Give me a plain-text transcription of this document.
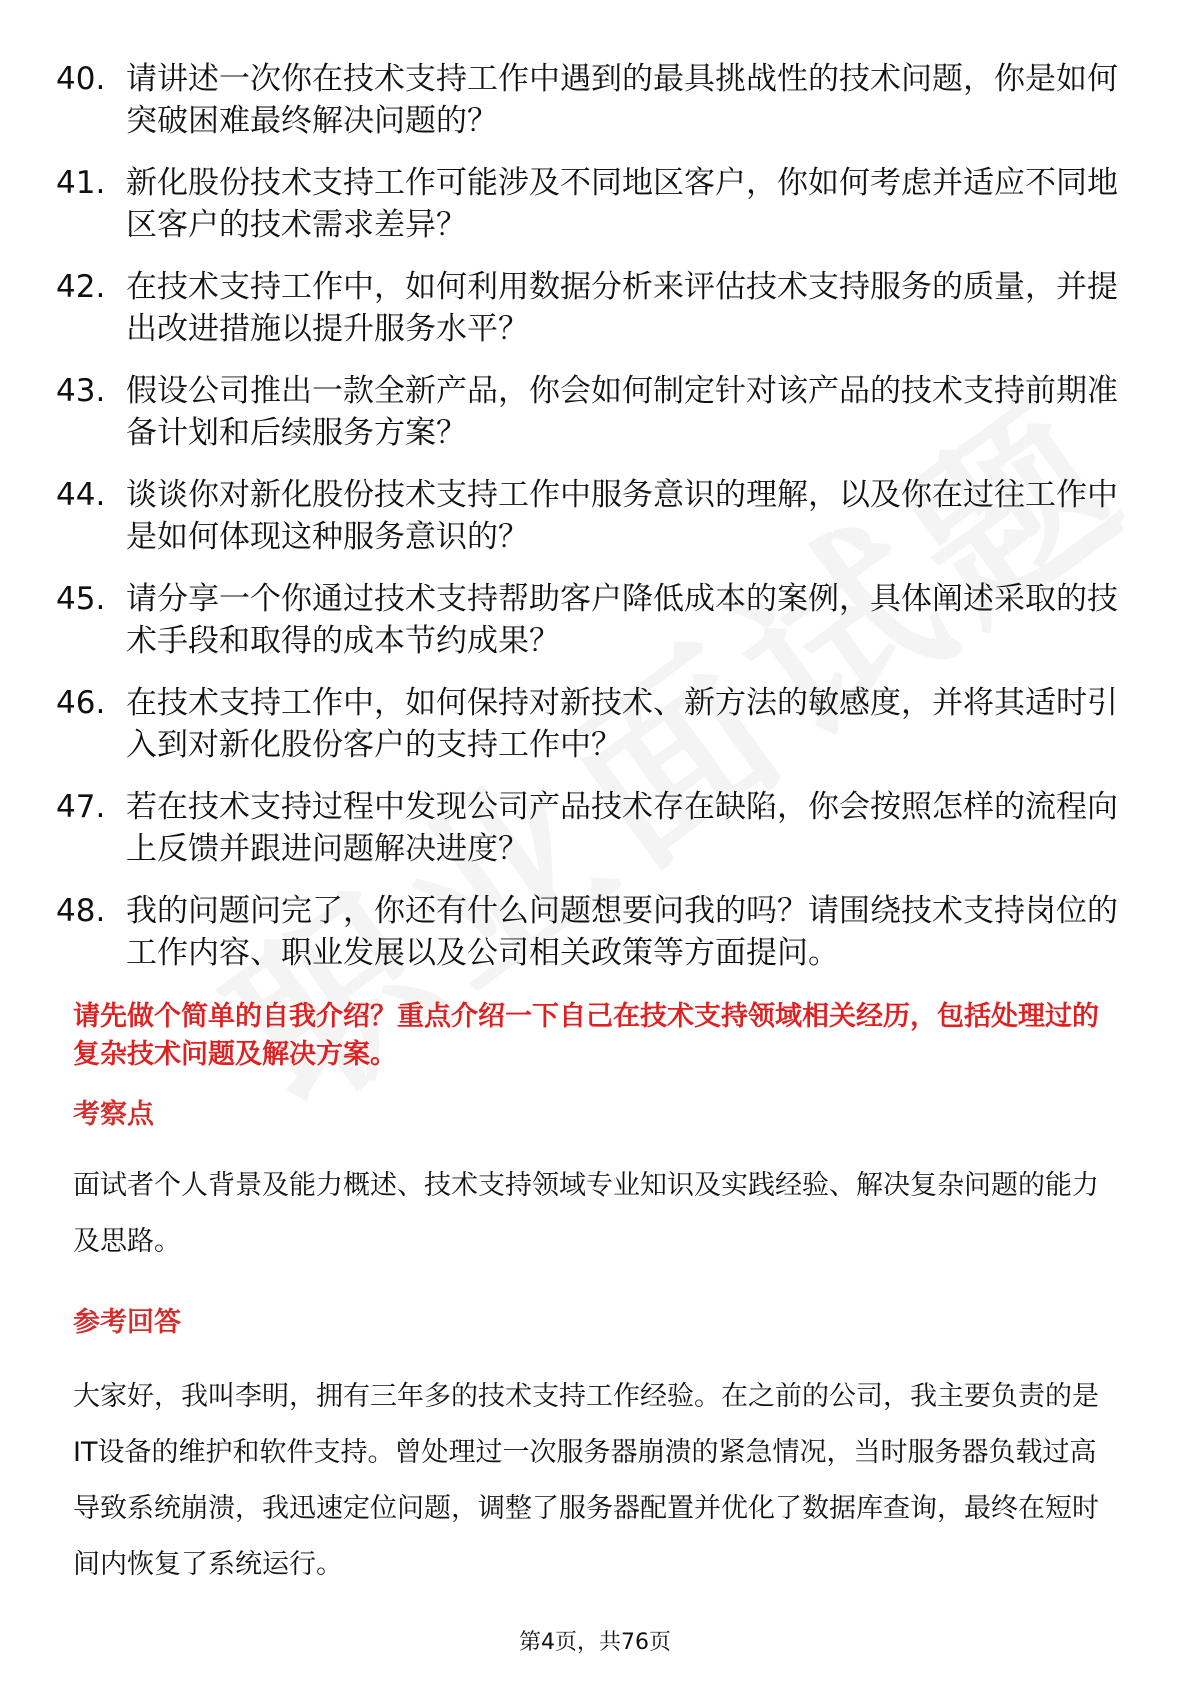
40. 请讲述一次你在技术支持工作中遇到的最具挑战性的技术问题，你是如何突破困难最终解决问题的？
41. 新化股份技术支持工作可能涉及不同地区客户，你如何考虑并适应不同地区客户的技术需求差异？
42. 在技术支持工作中，如何利用数据分析来评估技术支持服务的质量，并提出改进措施以提升服务水平？
43. 假设公司推出一款全新产品，你会如何制定针对该产品的技术支持前期准备计划和后续服务方案？
44. 谈谈你对新化股份技术支持工作中服务意识的理解，以及你在过往工作中是如何体现这种服务意识的？
45. 请分享一个你通过技术支持帮助客户降低成本的案例，具体阐述采取的技术手段和取得的成本节约成果？
46. 在技术支持工作中，如何保持对新技术、新方法的敏感度，并将其适时引入到对新化股份客户的支持工作中？
47. 若在技术支持过程中发现公司产品技术存在缺陷，你会按照怎样的流程向上反馈并跟进问题解决进度？
48. 我的问题问完了，你还有什么问题想要问我的吗？请围绕技术支持岗位的工作内容、职业发展以及公司相关政策等方面提问。
请先做个简单的自我介绍？重点介绍一下自己在技术支持领域相关经历，包括处理过的复杂技术问题及解决方案。
考察点
面试者个人背景及能力概述、技术支持领域专业知识及实践经验、解决复杂问题的能力及思路。
参考回答
大家好，我叫李明，拥有三年多的技术支持工作经验。在之前的公司，我主要负责的是IT设备的维护和软件支持。曾处理过一次服务器崩溃的紧急情况，当时服务器负载过高导致系统崩溃，我迅速定位问题，调整了服务器配置并优化了数据库查询，最终在短时间内恢复了系统运行。
第4页，共76页
